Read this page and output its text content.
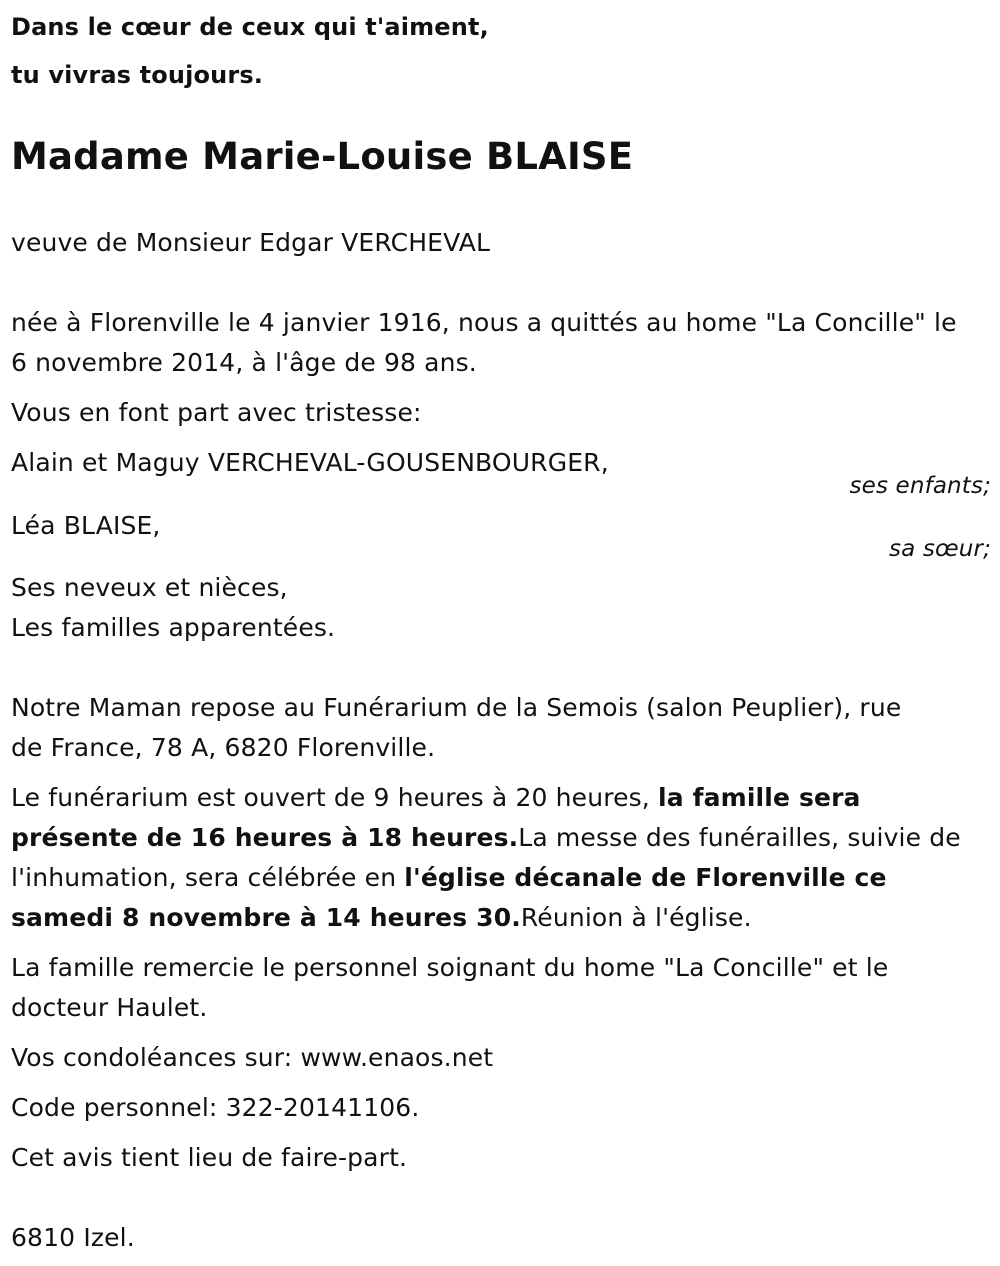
Dans le cœur de ceux qui t'aiment,
tu vivras toujours.
Madame Marie-Louise BLAISE
veuve de Monsieur Edgar VERCHEVAL
née à Florenville le 4 janvier 1916, nous a quittés au home "La Concille" le
6 novembre 2014, à l'âge de 98 ans.
Vous en font part avec tristesse:
Alain et Maguy VERCHEVAL-GOUSENBOURGER,
ses enfants;
Léa BLAISE,
sa sœur;
Ses neveux et nièces,
Les familles apparentées.
Notre Maman repose au Funérarium de la Semois (salon Peuplier), rue
de France, 78 A, 6820 Florenville.
Le funérarium est ouvert de 9 heures à 20 heures, la famille sera
présente de 16 heures à 18 heures.La messe des funérailles, suivie de
l'inhumation, sera célébrée en l'église décanale de Florenville ce
samedi 8 novembre à 14 heures 30.Réunion à l'église.
La famille remercie le personnel soignant du home "La Concille" et le
docteur Haulet.
Vos condoléances sur: www.enaos.net
Code personnel: 322-20141106.
Cet avis tient lieu de faire-part.
6810 Izel.
